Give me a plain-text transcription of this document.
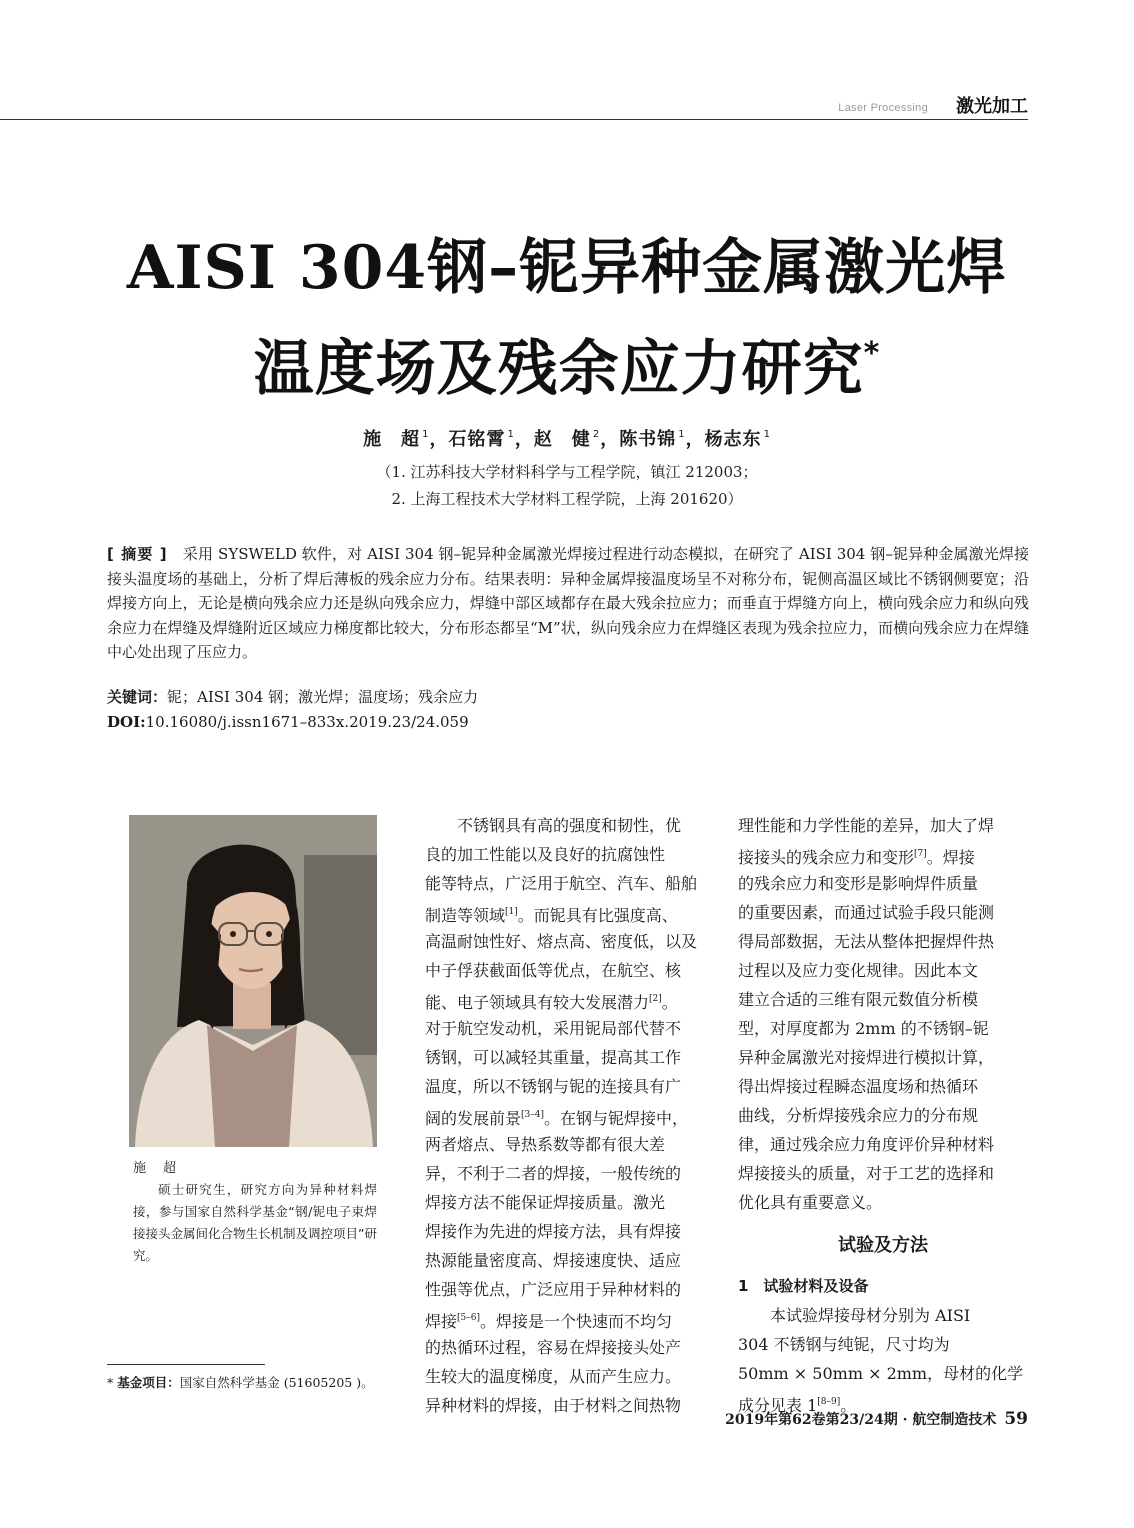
Laser Processing 激光加工
AISI 304钢–铌异种金属激光焊
温度场及残余应力研究*
施　超 $^1$，石铭霄 $^1$，赵　健 $^2$，陈书锦 $^1$，杨志东 $^1$
（1. 江苏科技大学材料科学与工程学院，镇江 212003；
2. 上海工程技术大学材料工程学院，上海 201620）
[ 摘要 ]　 采用 SYSWELD 软件，对 AISI 304 钢–铌异种金属激光焊接过程进行动态模拟，在研究了 AISI 304 钢–铌异种金属激光焊接接头温度场的基础上，分析了焊后薄板的残余应力分布。结果表明：异种金属焊接温度场呈不对称分布，铌侧高温区域比不锈钢侧要宽；沿焊接方向上，无论是横向残余应力还是纵向残余应力，焊缝中部区域都存在最大残余拉应力；而垂直于焊缝方向上，横向残余应力和纵向残余应力在焊缝及焊缝附近区域应力梯度都比较大，分布形态都呈“M”状，纵向残余应力在焊缝区表现为残余拉应力，而横向残余应力在焊缝中心处出现了压应力。
关键词：铌；AISI 304 钢；激光焊；温度场；残余应力
DOI:10.16080/j.issn1671–833x.2019.23/24.059
施　超
硕士研究生，研究方向为异种材料焊接，参与国家自然科学基金“钢/铌电子束焊接接头金属间化合物生长机制及调控项目”研究。
* 基金项目：国家自然科学基金 (51605205 )。
不锈钢具有高的强度和韧性，优
良的加工性能以及良好的抗腐蚀性
能等特点，广泛用于航空、汽车、船舶
制造等领域[1]。而铌具有比强度高、
高温耐蚀性好、熔点高、密度低，以及
中子俘获截面低等优点，在航空、核
能、电子领域具有较大发展潜力[2]。
对于航空发动机，采用铌局部代替不
锈钢，可以减轻其重量，提高其工作
温度，所以不锈钢与铌的连接具有广
阔的发展前景[3–4]。在钢与铌焊接中，
两者熔点、导热系数等都有很大差
异，不利于二者的焊接，一般传统的
焊接方法不能保证焊接质量。激光
焊接作为先进的焊接方法，具有焊接
热源能量密度高、焊接速度快、适应
性强等优点，广泛应用于异种材料的
焊接[5–6]。焊接是一个快速而不均匀
的热循环过程，容易在焊接接头处产
生较大的温度梯度，从而产生应力。
异种材料的焊接，由于材料之间热物
理性能和力学性能的差异，加大了焊
接接头的残余应力和变形[7]。焊接
的残余应力和变形是影响焊件质量
的重要因素，而通过试验手段只能测
得局部数据，无法从整体把握焊件热
过程以及应力变化规律。因此本文
建立合适的三维有限元数值分析模
型，对厚度都为 2mm 的不锈钢–铌
异种金属激光对接焊进行模拟计算，
得出焊接过程瞬态温度场和热循环
曲线，分析焊接残余应力的分布规
律，通过残余应力角度评价异种材料
焊接接头的质量，对于工艺的选择和
优化具有重要意义。
试验及方法
1　试验材料及设备
本试验焊接母材分别为 AISI
304 不锈钢与纯铌，尺寸均为
50mm × 50mm × 2mm，母材的化学
成分见表 1[8–9]。
2019年第62卷第23/24期 · 航空制造技术 59
